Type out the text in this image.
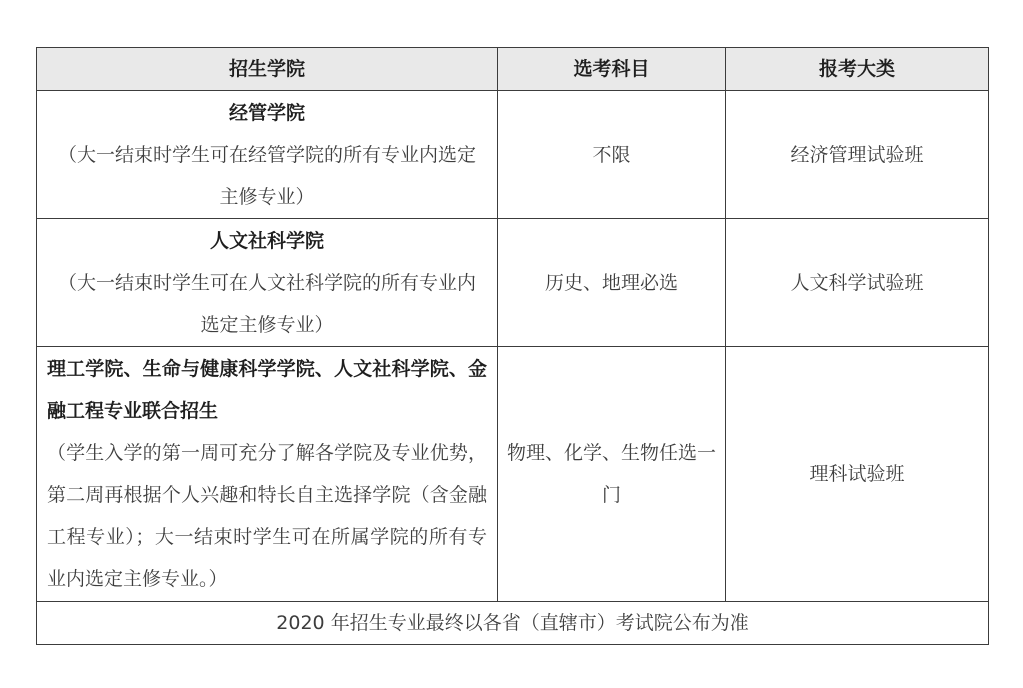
招生学院	选考科目	报考大类

经管学院
（大一结束时学生可在经管学院的所有专业内选定主修专业）	不限	经济管理试验班

人文社科学院
（大一结束时学生可在人文社科学院的所有专业内选定主修专业）	历史、地理必选	人文科学试验班

理工学院、生命与健康科学学院、人文社科学院、金融工程专业联合招生
（学生入学的第一周可充分了解各学院及专业优势，第二周再根据个人兴趣和特长自主选择学院（含金融工程专业）；大一结束时学生可在所属学院的所有专业内选定主修专业。）	物理、化学、生物任选一门	理科试验班
2020 年招生专业最终以各省（直辖市）考试院公布为准		
